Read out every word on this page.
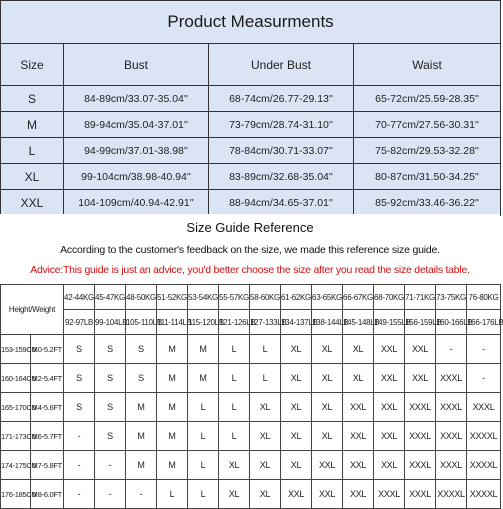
Product Measurments			
Size	Bust	Under Bust	Waist
S	84-89cm/33.07-35.04''	68-74cm/26.77-29.13''	65-72cm/25.59-28.35''
M	89-94cm/35.04-37.01''	73-79cm/28.74-31.10''	70-77cm/27.56-30.31''
L	94-99cm/37.01-38.98''	78-84cm/30.71-33.07''	75-82cm/29.53-32.28''
XL	99-104cm/38.98-40.94''	83-89cm/32.68-35.04''	80-87cm/31.50-34.25''
XXL	104-109cm/40.94-42.91''	88-94cm/34.65-37.01''	85-92cm/33.46-36.22''
Size Guide Reference
According to the customer's feedback on the size, we made this reference size guide.
Advice:This guide is just an advice, you'd better choose the size after you read the size details table.
Height/Weight		42-44KG	45-47KG	48-50KG	51-52KG	53-54KG	55-57KG	58-60KG	61-62KG	63-65KG	66-67KG	68-70KG	71-71KG	73-75KG	76-80KG
		92-97LB	99-104LB	105-110LB	111-114LB	115-120LB	121-126LB	127-133LB	134-137LB	138-144LB	145-148LB	149-155LB	156-159LB	160-166LB	166-176LB
153-159CM	5.0-5.2FT	S	S	S	M	M	L	L	XL	XL	XL	XXL	XXL	-	-
160-164CM	5.2-5.4FT	S	S	S	M	M	L	L	XL	XL	XL	XXL	XXL	XXXL	-
165-170CM	5.4-5.6FT	S	S	M	M	L	L	XL	XL	XL	XXL	XXL	XXXL	XXXL	XXXL
171-173CM	5.6-5.7FT	-	S	M	M	L	L	XL	XL	XL	XXL	XXL	XXXL	XXXL	XXXXL
174-175CM	5.7-5.8FT	-	-	M	M	L	XL	XL	XL	XXL	XXL	XXL	XXXL	XXXL	XXXXL
176-185CM	5.8-6.0FT	-	-	-	L	L	XL	XL	XXL	XXL	XXL	XXXL	XXXL	XXXXL	XXXXL
